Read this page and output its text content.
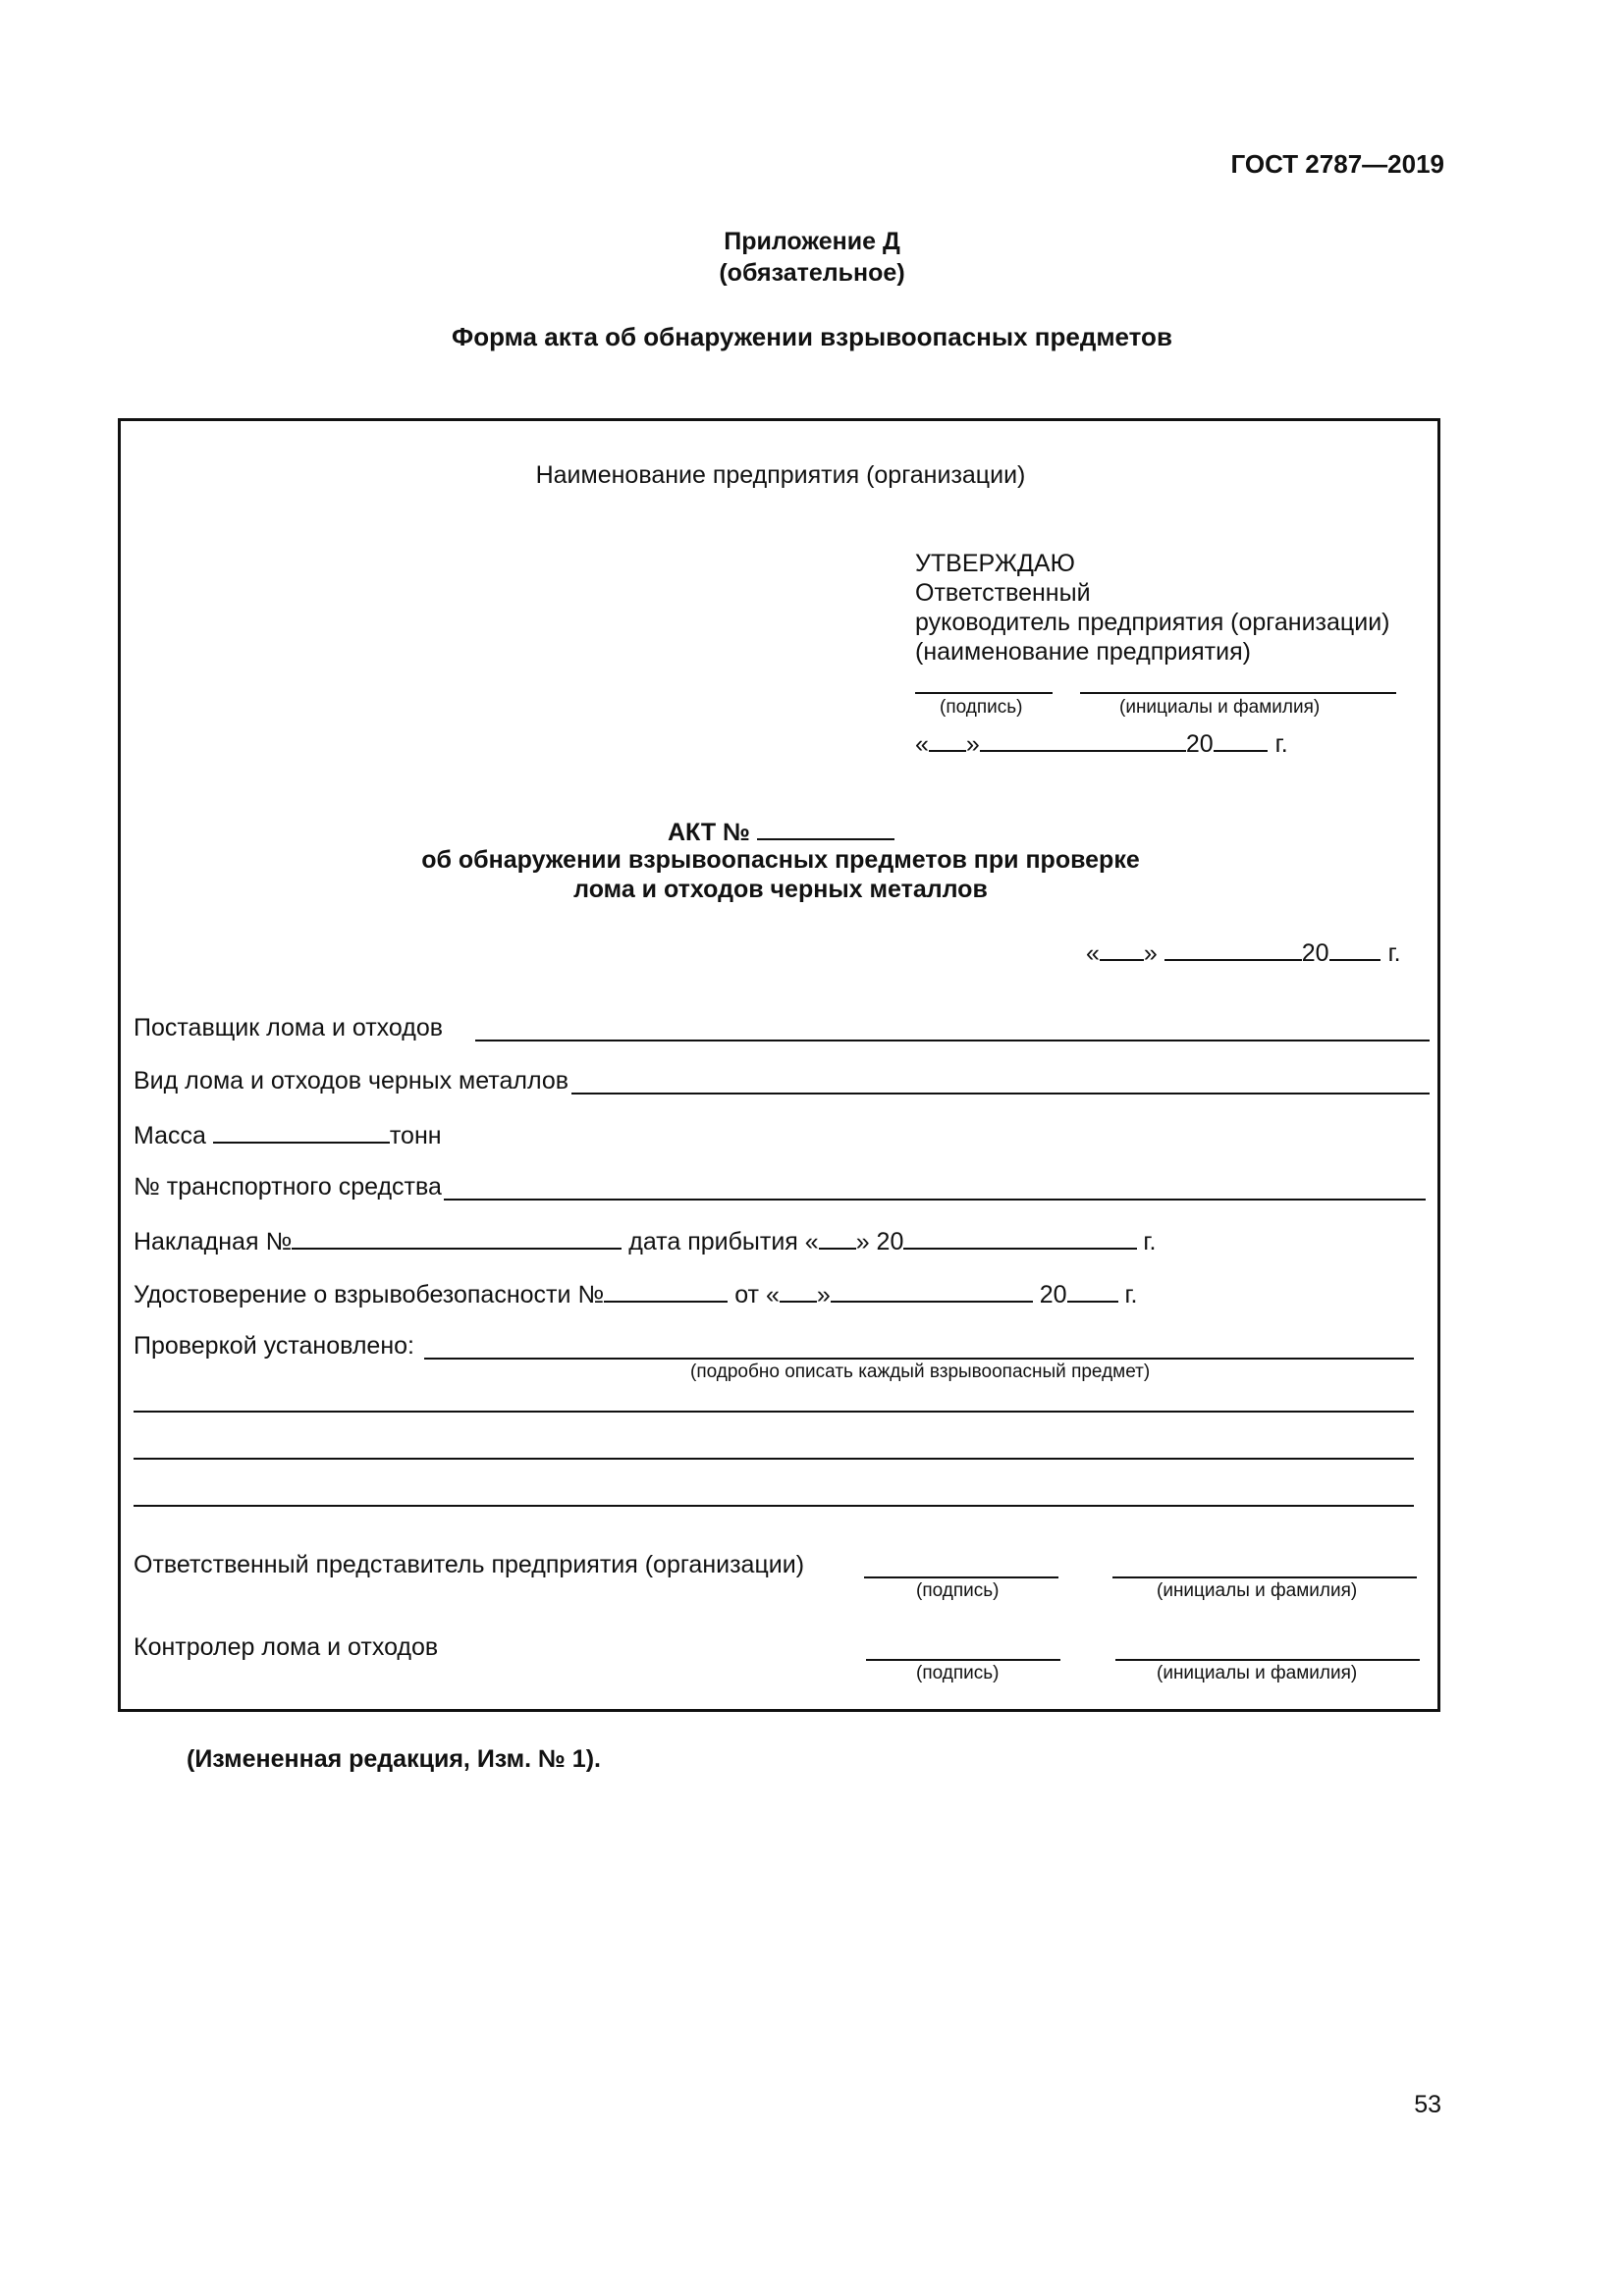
ГОСТ 2787—2019
Приложение Д
(обязательное)
Форма акта об обнаружении взрывоопасных предметов
Наименование предприятия (организации)
УТВЕРЖДАЮ
Ответственный
руководитель предприятия (организации)
(наименование предприятия)
(подпись)	(инициалы и фамилия)
« »	20	г.
АКТ №
об обнаружении взрывоопасных предметов при проверке
лома и отходов черных металлов
« »	20 г.
Поставщик лома и отходов
Вид лома и отходов черных металлов
Масса	тонн
№ транспортного средства
Накладная №	дата прибытия « » 20	г.
Удостоверение о взрывобезопасности №	от « »	20 г.
Проверкой установлено:
(подробно описать каждый взрывоопасный предмет)
Ответственный представитель предприятия (организации)
(подпись)	(инициалы и фамилия)
Контролер лома и отходов
(подпись)	(инициалы и фамилия)
(Измененная редакция, Изм. № 1).
53
